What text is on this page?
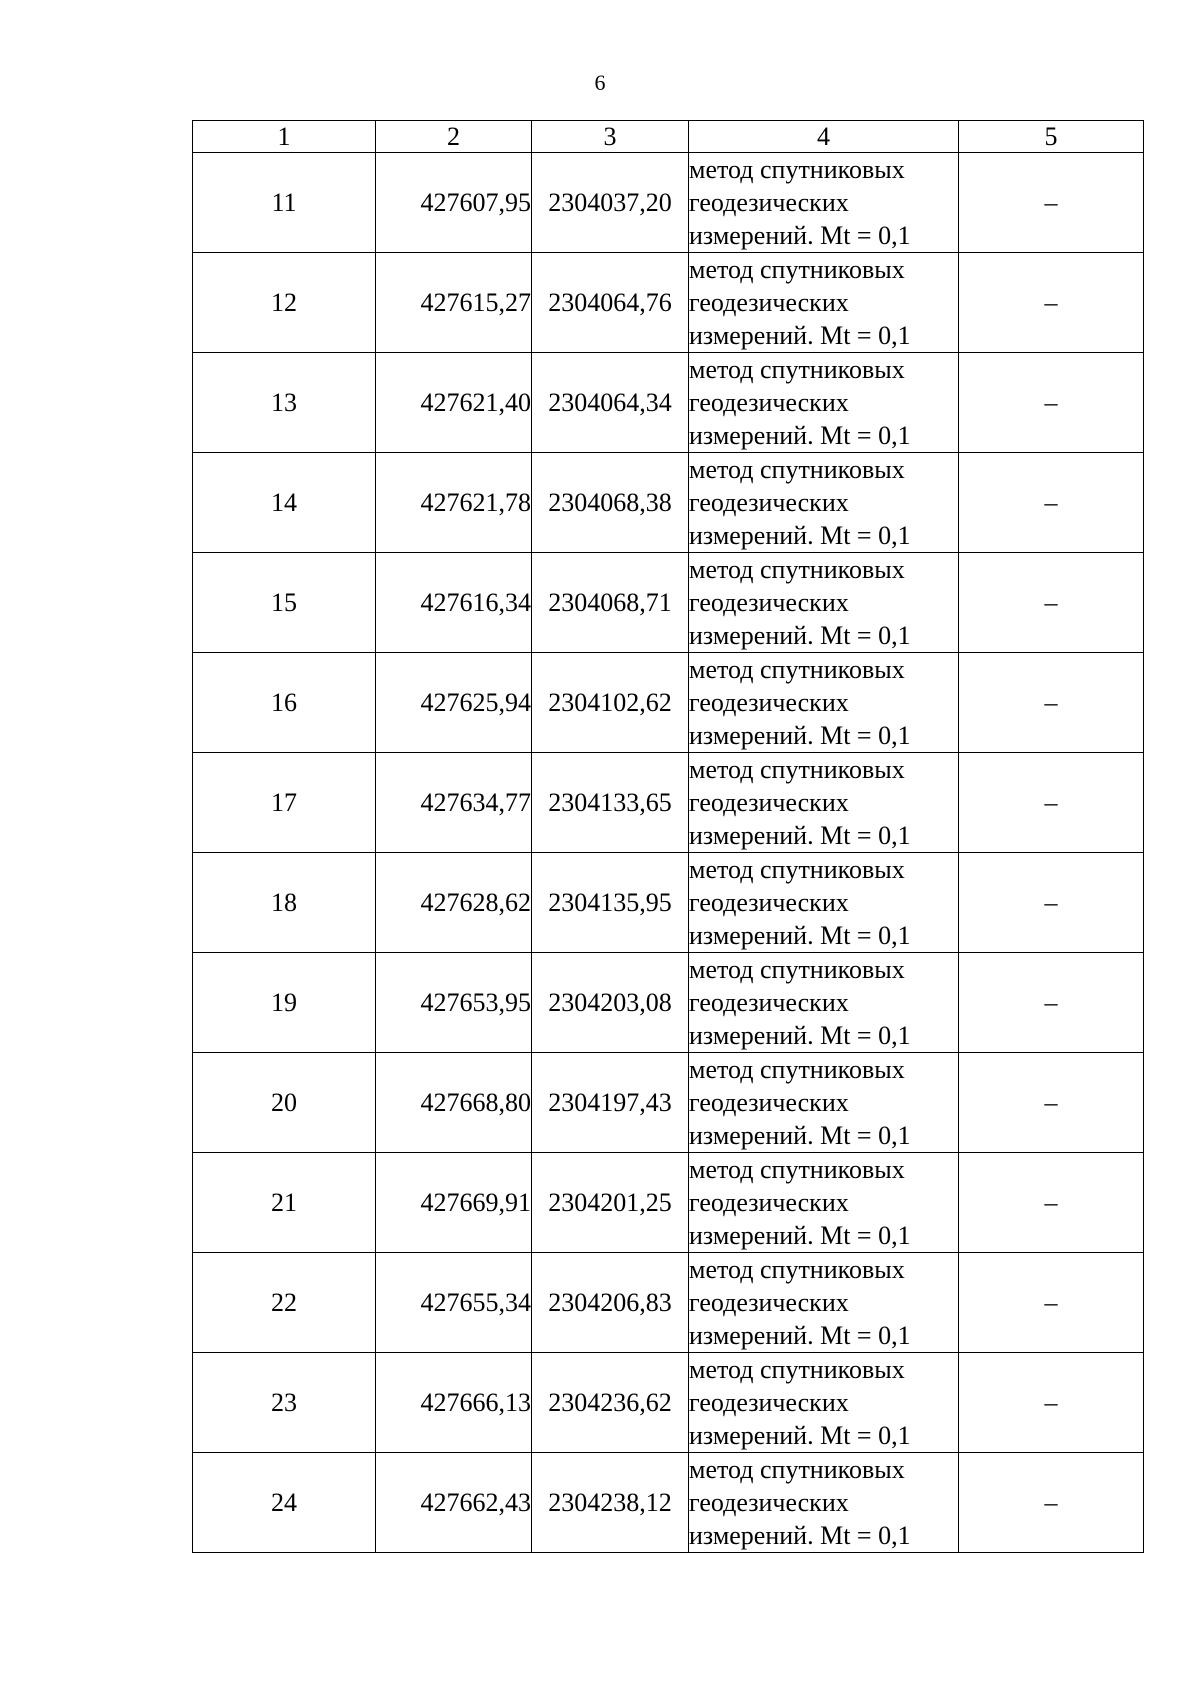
6
1	2	3	4	5
11	427607,95	2304037,20	метод спутниковых
геодезических
измерений. Mt = 0,1	–
12	427615,27	2304064,76	метод спутниковых
геодезических
измерений. Mt = 0,1	–
13	427621,40	2304064,34	метод спутниковых
геодезических
измерений. Mt = 0,1	–
14	427621,78	2304068,38	метод спутниковых
геодезических
измерений. Mt = 0,1	–
15	427616,34	2304068,71	метод спутниковых
геодезических
измерений. Mt = 0,1	–
16	427625,94	2304102,62	метод спутниковых
геодезических
измерений. Mt = 0,1	–
17	427634,77	2304133,65	метод спутниковых
геодезических
измерений. Mt = 0,1	–
18	427628,62	2304135,95	метод спутниковых
геодезических
измерений. Mt = 0,1	–
19	427653,95	2304203,08	метод спутниковых
геодезических
измерений. Mt = 0,1	–
20	427668,80	2304197,43	метод спутниковых
геодезических
измерений. Mt = 0,1	–
21	427669,91	2304201,25	метод спутниковых
геодезических
измерений. Mt = 0,1	–
22	427655,34	2304206,83	метод спутниковых
геодезических
измерений. Mt = 0,1	–
23	427666,13	2304236,62	метод спутниковых
геодезических
измерений. Mt = 0,1	–
24	427662,43	2304238,12	метод спутниковых
геодезических
измерений. Mt = 0,1	–
